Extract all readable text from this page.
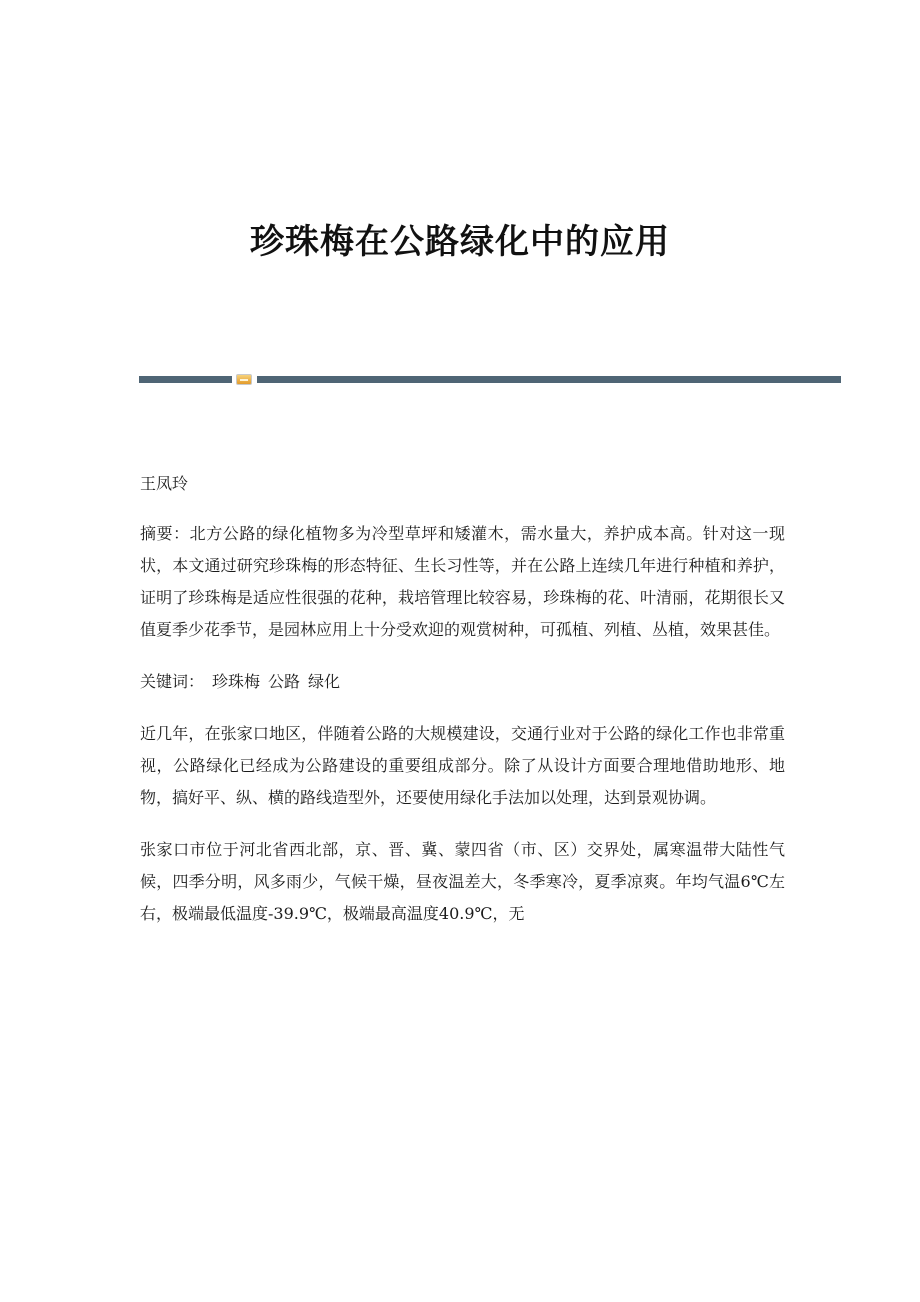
珍珠梅在公路绿化中的应用

王凤玲

摘要：北方公路的绿化植物多为冷型草坪和矮灌木，需水量大，养护成本高。针对这一现状，本文通过研究珍珠梅的形态特征、生长习性等，并在公路上连续几年进行种植和养护，证明了珍珠梅是适应性很强的花种，栽培管理比较容易，珍珠梅的花、叶清丽，花期很长又值夏季少花季节，是园林应用上十分受欢迎的观赏树种，可孤植、列植、丛植，效果甚佳。

关键词： 珍珠梅 公路 绿化

近几年，在张家口地区，伴随着公路的大规模建设，交通行业对于公路的绿化工作也非常重视，公路绿化已经成为公路建设的重要组成部分。除了从设计方面要合理地借助地形、地物，搞好平、纵、横的路线造型外，还要使用绿化手法加以处理，达到景观协调。

张家口市位于河北省西北部，京、晋、冀、蒙四省（市、区）交界处，属寒温带大陆性气候，四季分明，风多雨少，气候干燥，昼夜温差大，冬季寒冷，夏季凉爽。年均气温6℃左右，极端最低温度-39.9℃，极端最高温度40.9℃，无
